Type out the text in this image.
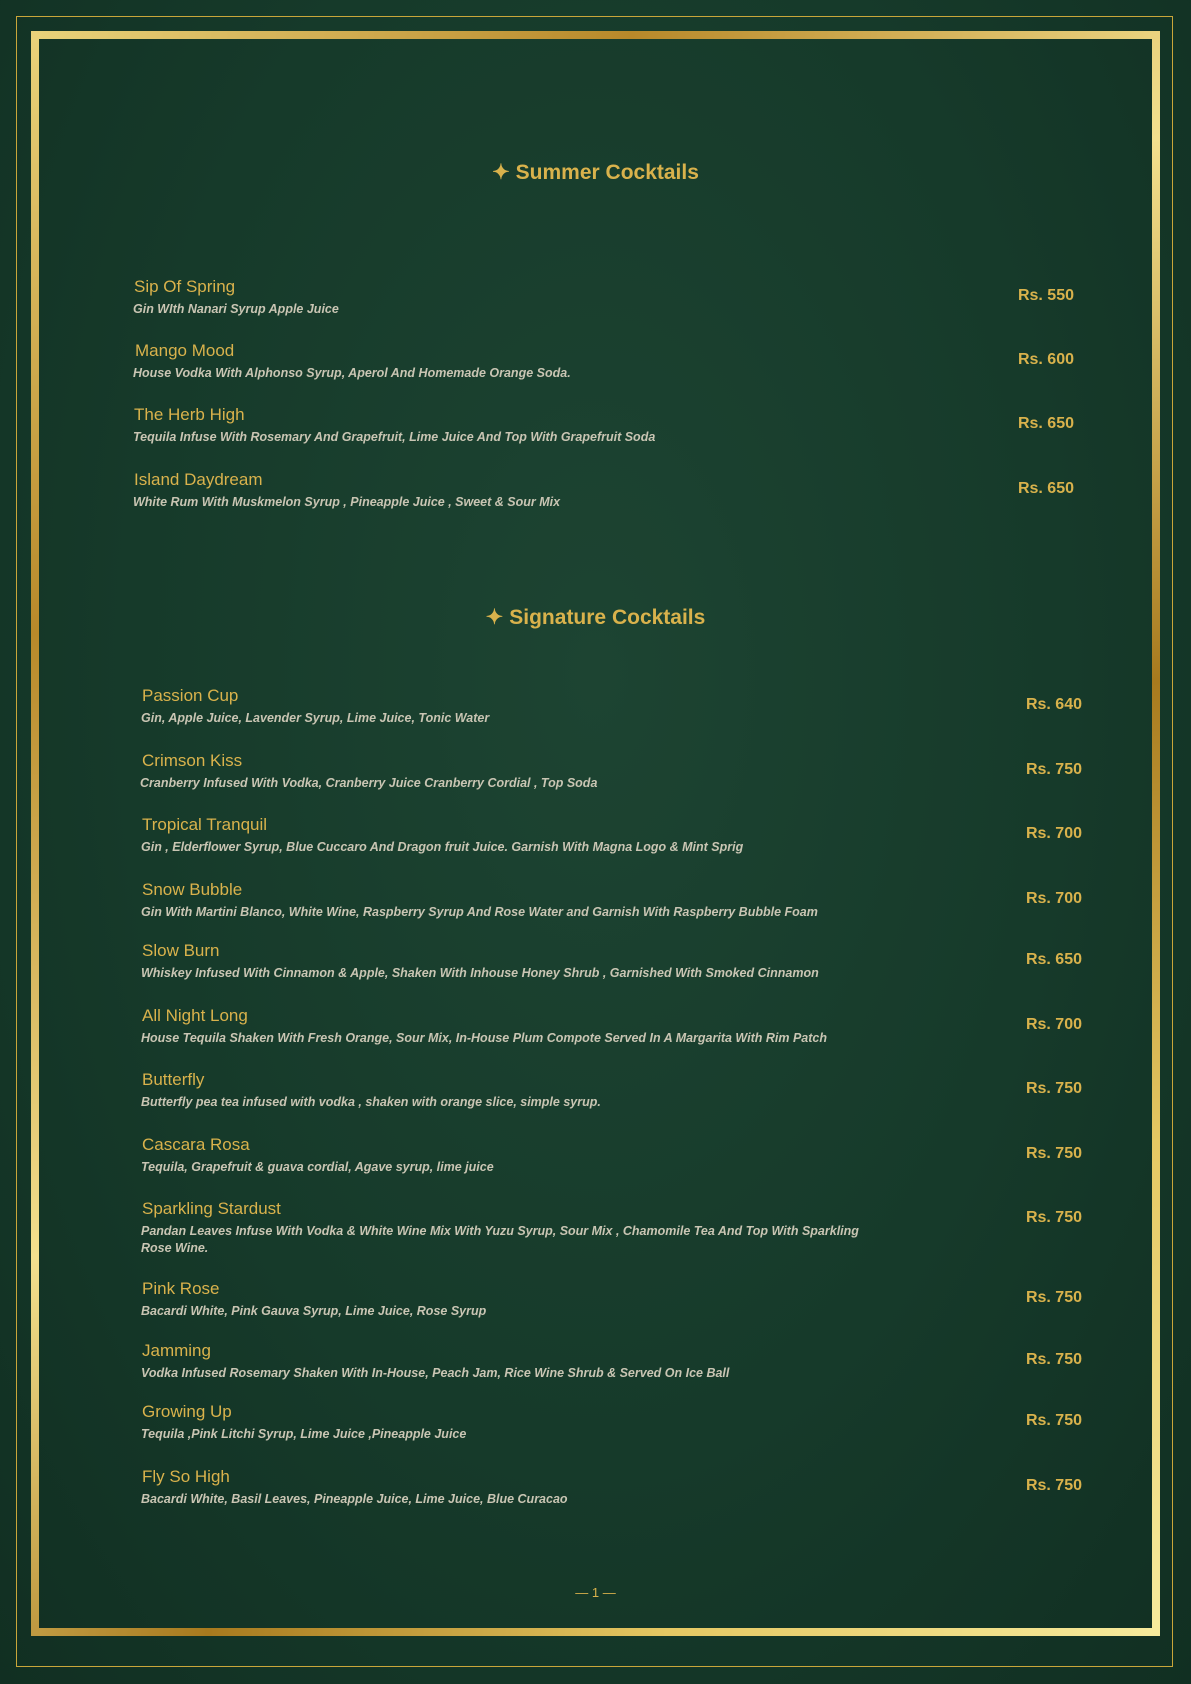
✦ Summer Cocktails
Sip Of Spring
Gin WIth Nanari Syrup Apple Juice
Rs. 550
Mango Mood
House Vodka With Alphonso Syrup, Aperol And Homemade Orange Soda.
Rs. 600
The Herb High
Tequila Infuse With Rosemary And Grapefruit, Lime Juice And Top With Grapefruit Soda
Rs. 650
Island Daydream
White Rum With Muskmelon Syrup , Pineapple Juice , Sweet & Sour Mix
Rs. 650
✦ Signature Cocktails
Passion Cup
Gin, Apple Juice, Lavender Syrup, Lime Juice, Tonic Water
Rs. 640
Crimson Kiss
Cranberry Infused With Vodka, Cranberry Juice Cranberry Cordial , Top Soda
Rs. 750
Tropical Tranquil
Gin , Elderflower Syrup, Blue Cuccaro And Dragon fruit Juice. Garnish With Magna Logo & Mint Sprig
Rs. 700
Snow Bubble
Gin With Martini Blanco, White Wine, Raspberry Syrup And Rose Water and Garnish With Raspberry Bubble Foam
Rs. 700
Slow Burn
Whiskey Infused With Cinnamon & Apple, Shaken With Inhouse Honey Shrub , Garnished With Smoked Cinnamon
Rs. 650
All Night Long
House Tequila Shaken With Fresh Orange, Sour Mix, In-House Plum Compote Served In A Margarita With Rim Patch
Rs. 700
Butterfly
Butterfly pea tea infused with vodka , shaken with orange slice, simple syrup.
Rs. 750
Cascara Rosa
Tequila, Grapefruit & guava cordial, Agave syrup, lime juice
Rs. 750
Sparkling Stardust
Pandan Leaves Infuse With Vodka & White Wine Mix With Yuzu Syrup, Sour Mix , Chamomile Tea And Top With Sparkling Rose Wine.
Rs. 750
Pink Rose
Bacardi White, Pink Gauva Syrup, Lime Juice, Rose Syrup
Rs. 750
Jamming
Vodka Infused Rosemary Shaken With In-House, Peach Jam, Rice Wine Shrub & Served On Ice Ball
Rs. 750
Growing Up
Tequila ,Pink Litchi Syrup, Lime Juice ,Pineapple Juice
Rs. 750
Fly So High
Bacardi White, Basil Leaves, Pineapple Juice, Lime Juice, Blue Curacao
Rs. 750
— 1 —
